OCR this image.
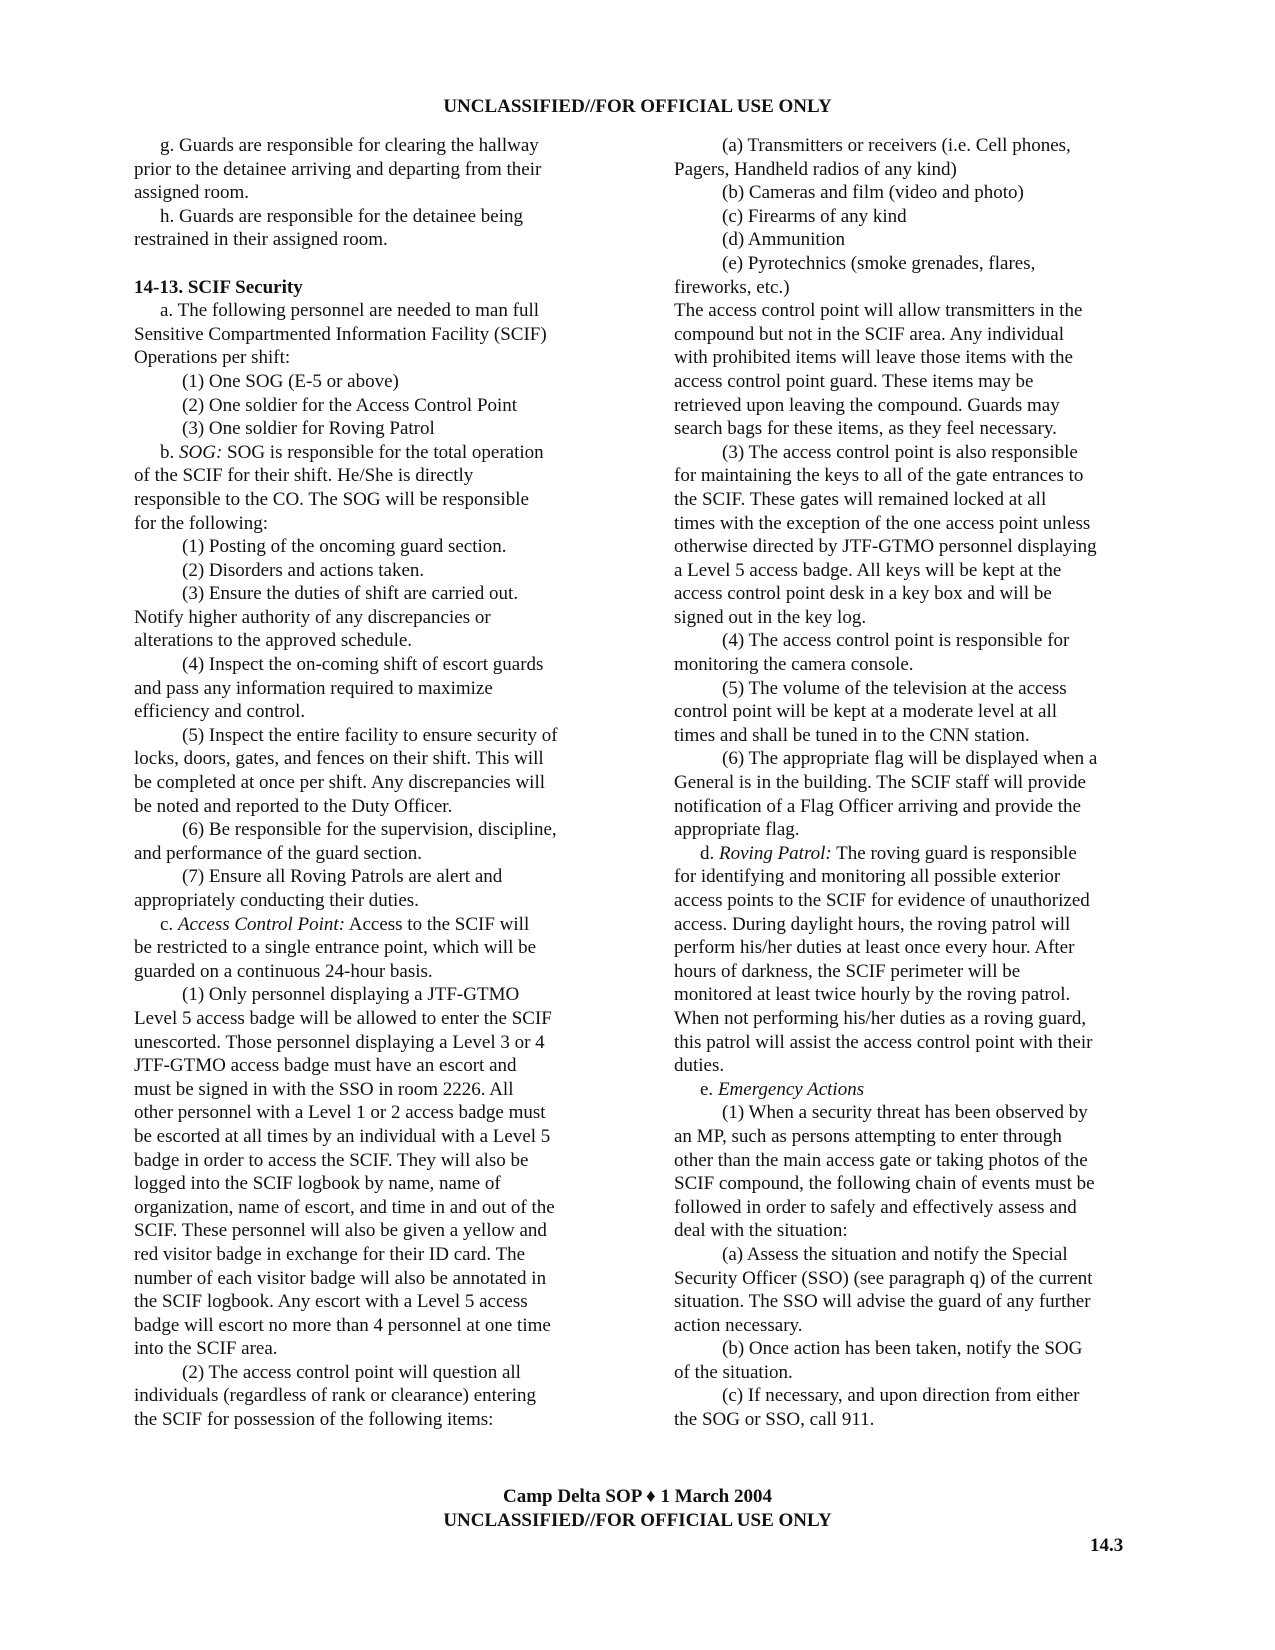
UNCLASSIFIED//FOR OFFICIAL USE ONLY
g. Guards are responsible for clearing the hallway
prior to the detainee arriving and departing from their
assigned room.
h. Guards are responsible for the detainee being
restrained in their assigned room.
14-13. SCIF Security
a. The following personnel are needed to man full
Sensitive Compartmented Information Facility (SCIF)
Operations per shift:
(1) One SOG (E-5 or above)
(2) One soldier for the Access Control Point
(3) One soldier for Roving Patrol
b. SOG: SOG is responsible for the total operation
of the SCIF for their shift. He/She is directly
responsible to the CO. The SOG will be responsible
for the following:
(1) Posting of the oncoming guard section.
(2) Disorders and actions taken.
(3) Ensure the duties of shift are carried out.
Notify higher authority of any discrepancies or
alterations to the approved schedule.
(4) Inspect the on-coming shift of escort guards
and pass any information required to maximize
efficiency and control.
(5) Inspect the entire facility to ensure security of
locks, doors, gates, and fences on their shift. This will
be completed at once per shift. Any discrepancies will
be noted and reported to the Duty Officer.
(6) Be responsible for the supervision, discipline,
and performance of the guard section.
(7) Ensure all Roving Patrols are alert and
appropriately conducting their duties.
c. Access Control Point: Access to the SCIF will
be restricted to a single entrance point, which will be
guarded on a continuous 24-hour basis.
(1) Only personnel displaying a JTF-GTMO
Level 5 access badge will be allowed to enter the SCIF
unescorted. Those personnel displaying a Level 3 or 4
JTF-GTMO access badge must have an escort and
must be signed in with the SSO in room 2226. All
other personnel with a Level 1 or 2 access badge must
be escorted at all times by an individual with a Level 5
badge in order to access the SCIF. They will also be
logged into the SCIF logbook by name, name of
organization, name of escort, and time in and out of the
SCIF. These personnel will also be given a yellow and
red visitor badge in exchange for their ID card. The
number of each visitor badge will also be annotated in
the SCIF logbook. Any escort with a Level 5 access
badge will escort no more than 4 personnel at one time
into the SCIF area.
(2) The access control point will question all
individuals (regardless of rank or clearance) entering
the SCIF for possession of the following items:
(a) Transmitters or receivers (i.e. Cell phones,
Pagers, Handheld radios of any kind)
(b) Cameras and film (video and photo)
(c) Firearms of any kind
(d) Ammunition
(e) Pyrotechnics (smoke grenades, flares,
fireworks, etc.)
The access control point will allow transmitters in the
compound but not in the SCIF area. Any individual
with prohibited items will leave those items with the
access control point guard. These items may be
retrieved upon leaving the compound. Guards may
search bags for these items, as they feel necessary.
(3) The access control point is also responsible
for maintaining the keys to all of the gate entrances to
the SCIF. These gates will remained locked at all
times with the exception of the one access point unless
otherwise directed by JTF-GTMO personnel displaying
a Level 5 access badge. All keys will be kept at the
access control point desk in a key box and will be
signed out in the key log.
(4) The access control point is responsible for
monitoring the camera console.
(5) The volume of the television at the access
control point will be kept at a moderate level at all
times and shall be tuned in to the CNN station.
(6) The appropriate flag will be displayed when a
General is in the building. The SCIF staff will provide
notification of a Flag Officer arriving and provide the
appropriate flag.
d. Roving Patrol: The roving guard is responsible
for identifying and monitoring all possible exterior
access points to the SCIF for evidence of unauthorized
access. During daylight hours, the roving patrol will
perform his/her duties at least once every hour. After
hours of darkness, the SCIF perimeter will be
monitored at least twice hourly by the roving patrol.
When not performing his/her duties as a roving guard,
this patrol will assist the access control point with their
duties.
e. Emergency Actions
(1) When a security threat has been observed by
an MP, such as persons attempting to enter through
other than the main access gate or taking photos of the
SCIF compound, the following chain of events must be
followed in order to safely and effectively assess and
deal with the situation:
(a) Assess the situation and notify the Special
Security Officer (SSO) (see paragraph q) of the current
situation. The SSO will advise the guard of any further
action necessary.
(b) Once action has been taken, notify the SOG
of the situation.
(c) If necessary, and upon direction from either
the SOG or SSO, call 911.
Camp Delta SOP ♦ 1 March 2004
UNCLASSIFIED//FOR OFFICIAL USE ONLY
14.3
